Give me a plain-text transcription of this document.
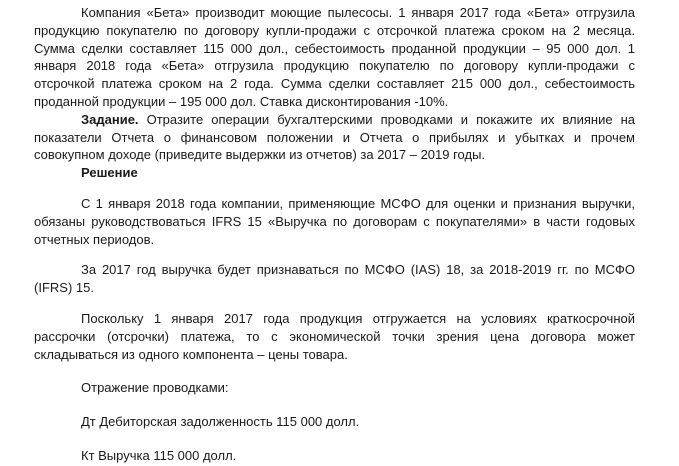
Компания «Бета» производит моющие пылесосы. 1 января 2017 года «Бета» отгрузила продукцию покупателю по договору купли-продажи с отсрочкой платежа сроком на 2 месяца. Сумма сделки составляет 115 000 дол., себестоимость проданной продукции – 95 000 дол. 1 января 2018 года «Бета» отгрузила продукцию покупателю по договору купли-продажи с отсрочкой платежа сроком на 2 года. Сумма сделки составляет 215 000 дол., себестоимость проданной продукции – 195 000 дол. Ставка дисконтирования -10%.

Задание. Отразите операции бухгалтерскими проводками и покажите их влияние на показатели Отчета о финансовом положении и Отчета о прибылях и убытках и прочем совокупном доходе (приведите выдержки из отчетов) за 2017 – 2019 годы.

Решение

С 1 января 2018 года компании, применяющие МСФО для оценки и признания выручки, обязаны руководствоваться IFRS 15 «Выручка по договорам с покупателями» в части годовых отчетных периодов.

За 2017 год выручка будет признаваться по МСФО (IAS) 18, за 2018-2019 гг. по МСФО (IFRS) 15.

Поскольку 1 января 2017 года продукция отгружается на условиях краткосрочной рассрочки (отсрочки) платежа, то с экономической точки зрения цена договора может складываться из одного компонента – цены товара.

Отражение проводками:

Дт Дебиторская задолженность 115 000 долл.

Кт Выручка 115 000 долл.
